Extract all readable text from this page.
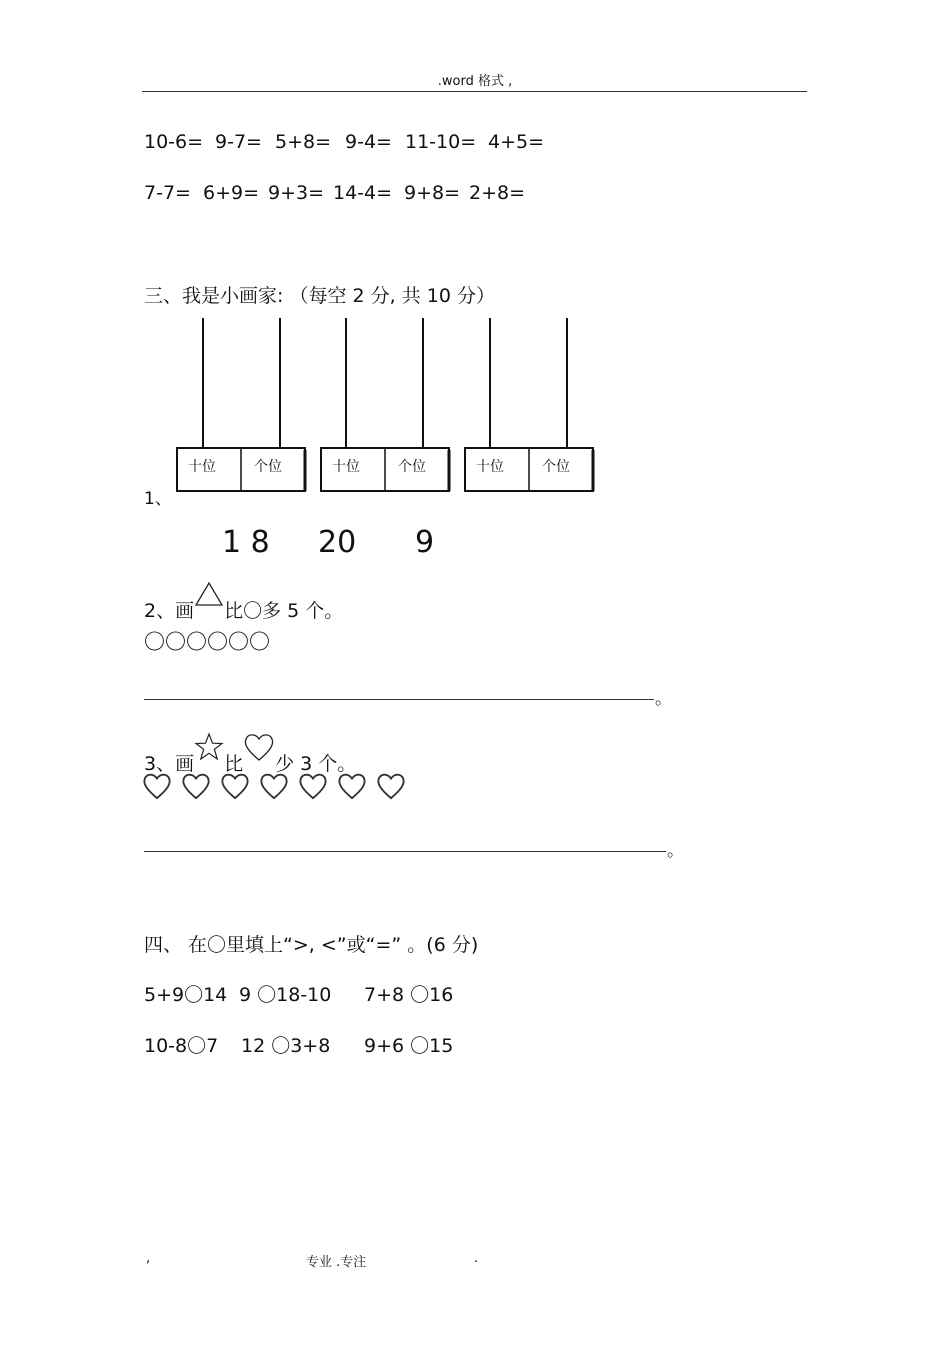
.word 格式 ,
10-6= 9-7= 5+8= 9-4= 11-10= 4+5=
7-7= 6+9= 9+3= 14-4= 9+8= 2+8=
三、我是小画家: （每空 2 分, 共 10 分）
十位	个位	十位	个位	十位	个位
1、
1 8 20 9
2、画 比〇多 5 个。
〇〇〇〇〇〇
。
3、画 比 少 3 个。
。
四、 在〇里填上“>, <”或“=” 。(6 分)
5+9〇14 9 〇18-10 7+8 〇16
10-8〇7 12 〇3+8 9+6 〇15
,	专业 .专注	.
